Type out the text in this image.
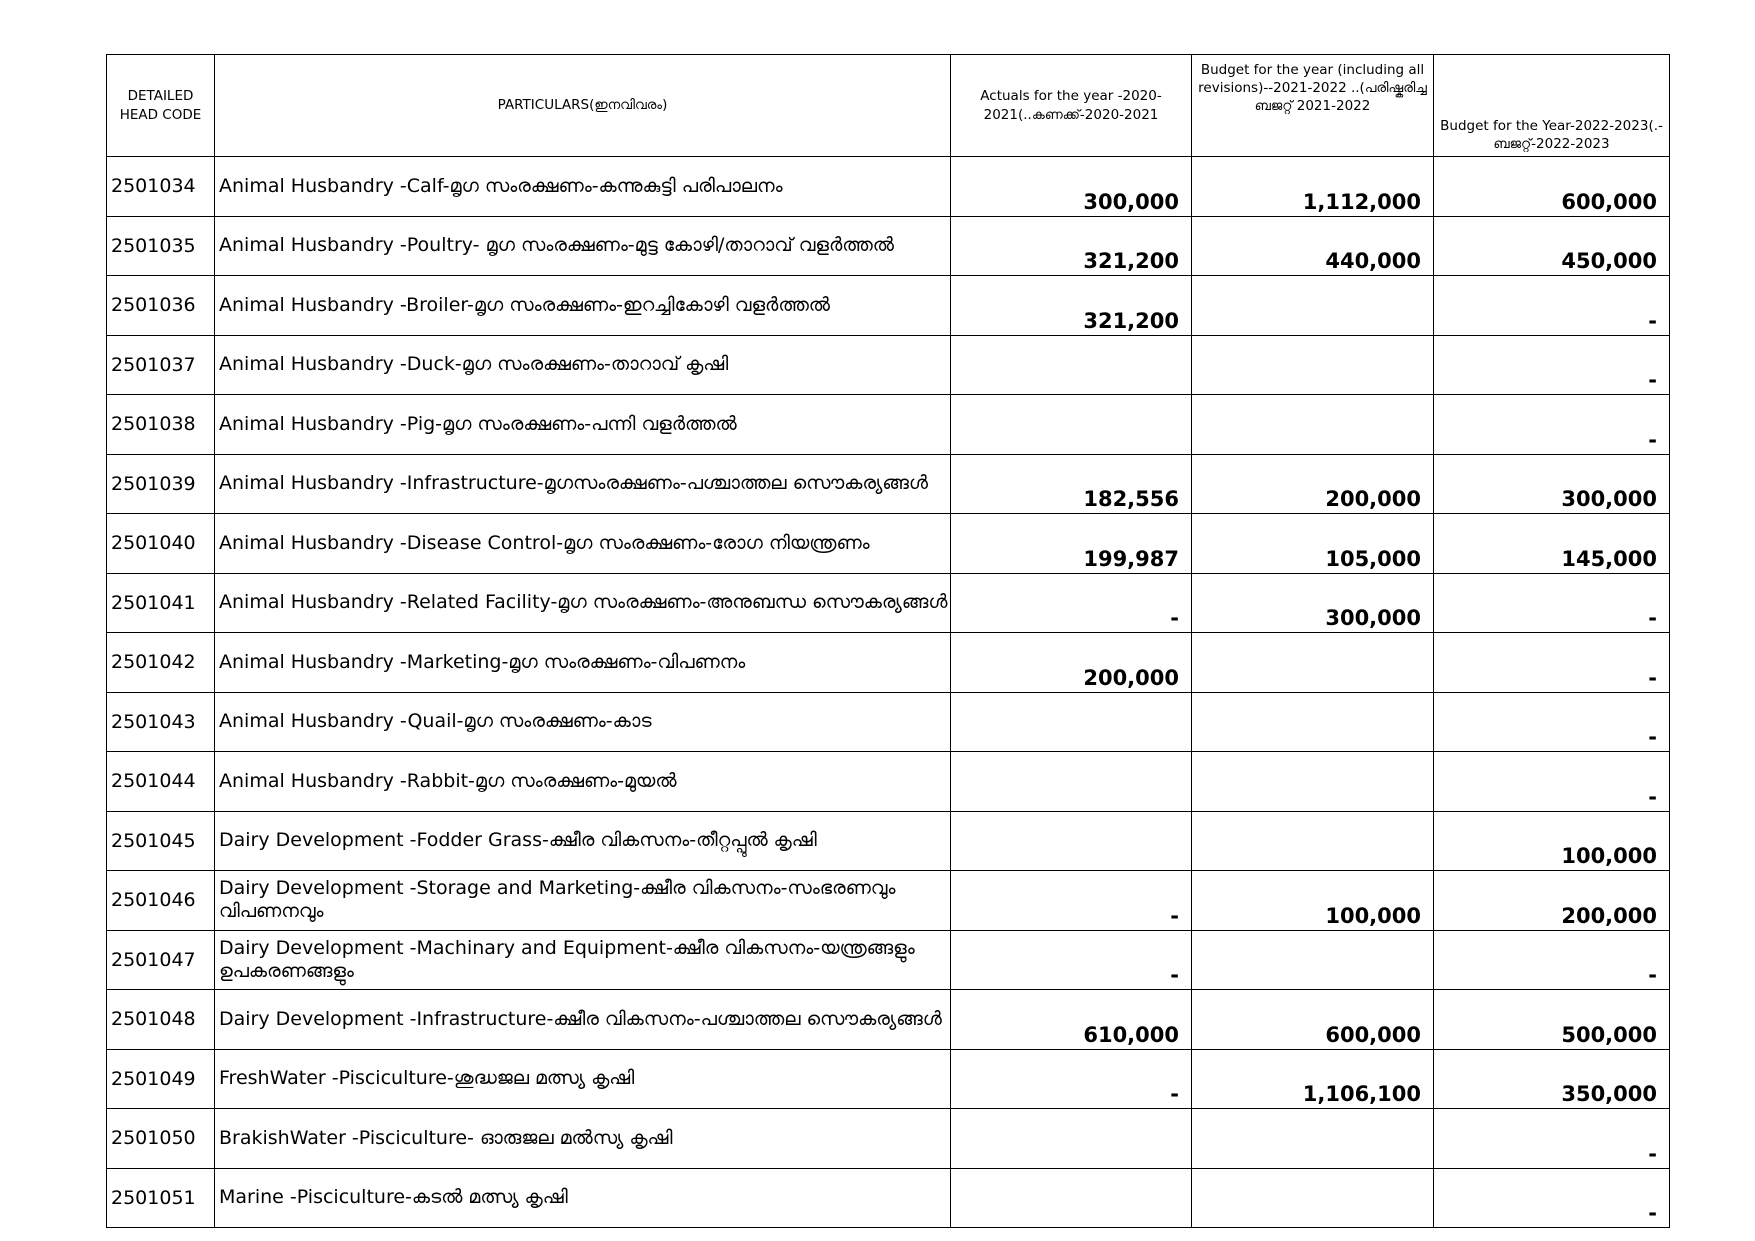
DETAILED HEAD CODE	PARTICULARS(ഇനവിവരം)	Actuals for the year -2020-2021(..കണക്ക്-2020-2021	Budget for the year (including all revisions)--2021-2022 ..(പരിഷ്കരിച്ച ബജറ്റ് 2021-2022	Budget for the Year-2022-2023(.-ബജറ്റ്-2022-2023
2501034	Animal Husbandry -Calf-മൃഗ സംരക്ഷണം-കന്നുകുട്ടി പരിപാലനം	300,000	1,112,000	600,000
2501035	Animal Husbandry -Poultry- മൃഗ സംരക്ഷണം-മുട്ട കോഴി/താറാവ് വളർത്തൽ	321,200	440,000	450,000
2501036	Animal Husbandry -Broiler-മൃഗ സംരക്ഷണം-ഇറച്ചികോഴി വളർത്തൽ	321,200		-
2501037	Animal Husbandry -Duck-മൃഗ സംരക്ഷണം-താറാവ് കൃഷി			-
2501038	Animal Husbandry -Pig-മൃഗ സംരക്ഷണം-പന്നി വളർത്തൽ			-
2501039	Animal Husbandry -Infrastructure-മൃഗസംരക്ഷണം-പശ്ചാത്തല സൌകര്യങ്ങൾ	182,556	200,000	300,000
2501040	Animal Husbandry -Disease Control-മൃഗ സംരക്ഷണം-രോഗ നിയന്ത്രണം	199,987	105,000	145,000
2501041	Animal Husbandry -Related Facility-മൃഗ സംരക്ഷണം-അനുബന്ധ സൌകര്യങ്ങൾ	-	300,000	-
2501042	Animal Husbandry -Marketing-മൃഗ സംരക്ഷണം-വിപണനം	200,000		-
2501043	Animal Husbandry -Quail-മൃഗ സംരക്ഷണം-കാട			-
2501044	Animal Husbandry -Rabbit-മൃഗ സംരക്ഷണം-മുയൽ			-
2501045	Dairy Development -Fodder Grass-ക്ഷീര വികസനം-തീറ്റപ്പുൽ കൃഷി			100,000
2501046	Dairy Development -Storage and Marketing-ക്ഷീര വികസനം-സംഭരണവും വിപണനവും	-	100,000	200,000
2501047	Dairy Development -Machinary and Equipment-ക്ഷീര വികസനം-യന്ത്രങ്ങളും ഉപകരണങ്ങളും	-		-
2501048	Dairy Development -Infrastructure-ക്ഷീര വികസനം-പശ്ചാത്തല സൌകര്യങ്ങൾ	610,000	600,000	500,000
2501049	FreshWater -Pisciculture-ശുദ്ധജല മത്സ്യ കൃഷി	-	1,106,100	350,000
2501050	BrakishWater -Pisciculture- ഓരുജല മൽസ്യ കൃഷി			-
2501051	Marine -Pisciculture-കടൽ മത്സ്യ കൃഷി			-
